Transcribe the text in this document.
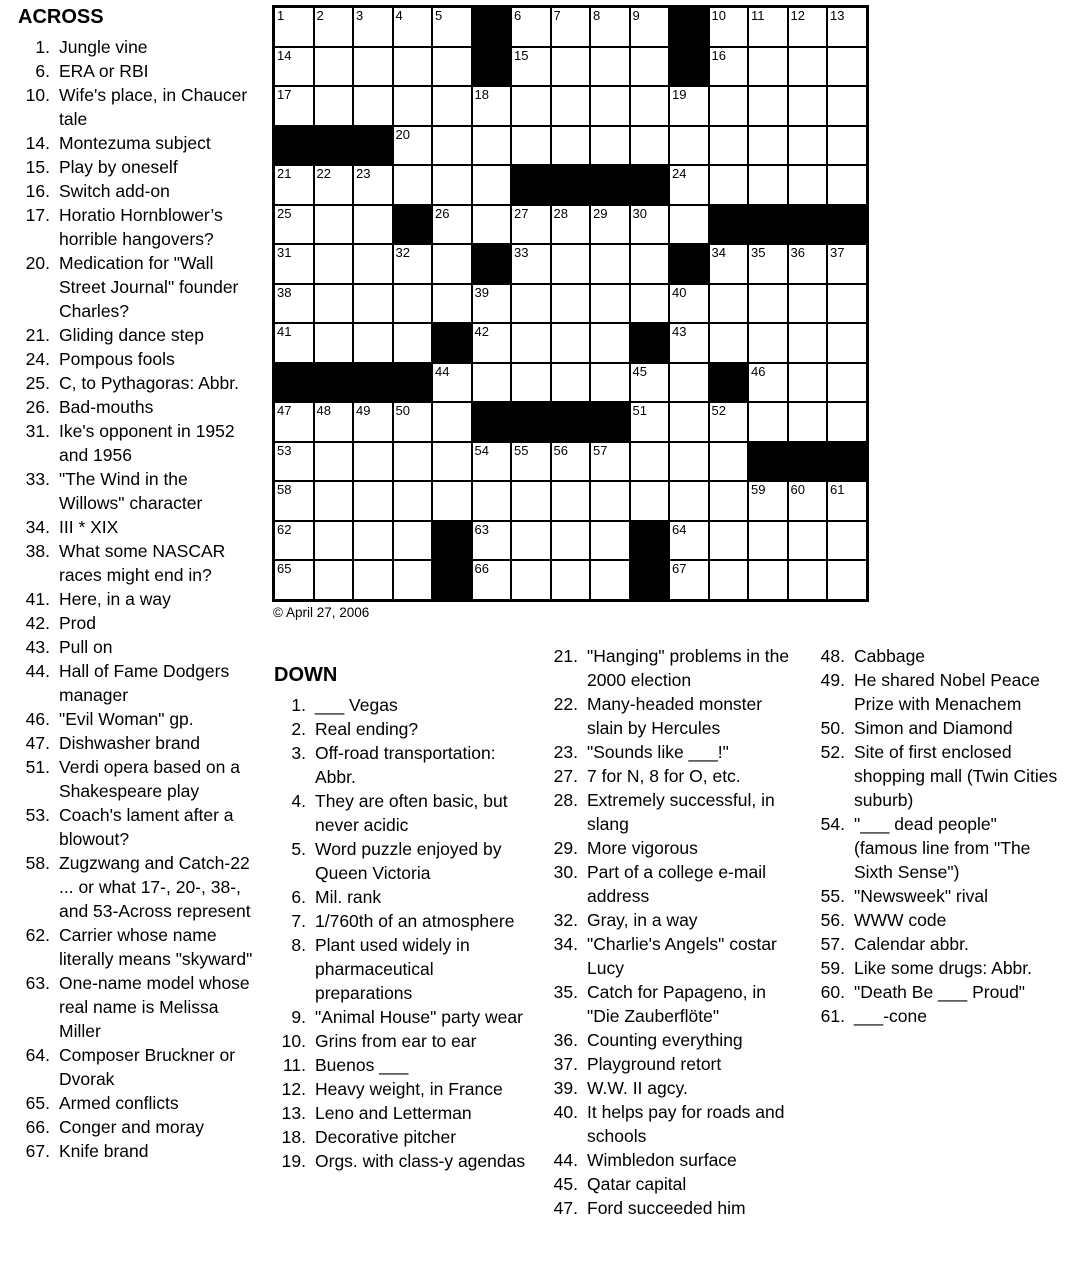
ACROSS
1. Jungle vine
6. ERA or RBI
10. Wife's place, in Chaucer tale
14. Montezuma subject
15. Play by oneself
16. Switch add-on
17. Horatio Hornblower’s horrible hangovers?
20. Medication for "Wall Street Journal" founder Charles?
21. Gliding dance step
24. Pompous fools
25. C, to Pythagoras: Abbr.
26. Bad-mouths
31. Ike's opponent in 1952 and 1956
33. "The Wind in the Willows" character
34. III * XIX
38. What some NASCAR races might end in?
41. Here, in a way
42. Prod
43. Pull on
44. Hall of Fame Dodgers manager
46. "Evil Woman" gp.
47. Dishwasher brand
51. Verdi opera based on a Shakespeare play
53. Coach's lament after a blowout?
58. Zugzwang and Catch-22 ... or what 17-, 20-, 38-, and 53-Across represent
62. Carrier whose name literally means "skyward"
63. One-name model whose real name is Melissa Miller
64. Composer Bruckner or Dvorak
65. Armed conflicts
66. Conger and moray
67. Knife brand
1	2	3	4	5		6	7	8	9		10	11	12	13

14						15					16			

17					18					19				

			20											

21	22	23								24				

25				26		27	28	29	30					

31			32			33					34	35	36	37

38					39					40				

41					42					43				

				44					45			46		

47	48	49	50						51		52			

53					54	55	56	57						

58												59	60	61

62					63					64				

65					66					67				

© April 27, 2006
DOWN
1. ___ Vegas
2. Real ending?
3. Off-road transportation: Abbr.
4. They are often basic, but never acidic
5. Word puzzle enjoyed by Queen Victoria
6. Mil. rank
7. 1/760th of an atmosphere
8. Plant used widely in pharmaceutical preparations
9. "Animal House" party wear
10. Grins from ear to ear
11. Buenos ___
12. Heavy weight, in France
13. Leno and Letterman
18. Decorative pitcher
19. Orgs. with class-y agendas
21. "Hanging" problems in the 2000 election
22. Many-headed monster slain by Hercules
23. "Sounds like ___!"
27. 7 for N, 8 for O, etc.
28. Extremely successful, in slang
29. More vigorous
30. Part of a college e-mail address
32. Gray, in a way
34. "Charlie's Angels" costar Lucy
35. Catch for Papageno, in "Die Zauberflöte"
36. Counting everything
37. Playground retort
39. W.W. II agcy.
40. It helps pay for roads and schools
44. Wimbledon surface
45. Qatar capital
47. Ford succeeded him
48. Cabbage
49. He shared Nobel Peace Prize with Menachem
50. Simon and Diamond
52. Site of first enclosed shopping mall (Twin Cities suburb)
54. "___ dead people" (famous line from "The Sixth Sense")
55. "Newsweek" rival
56. WWW code
57. Calendar abbr.
59. Like some drugs: Abbr.
60. "Death Be ___ Proud"
61. ___-cone
